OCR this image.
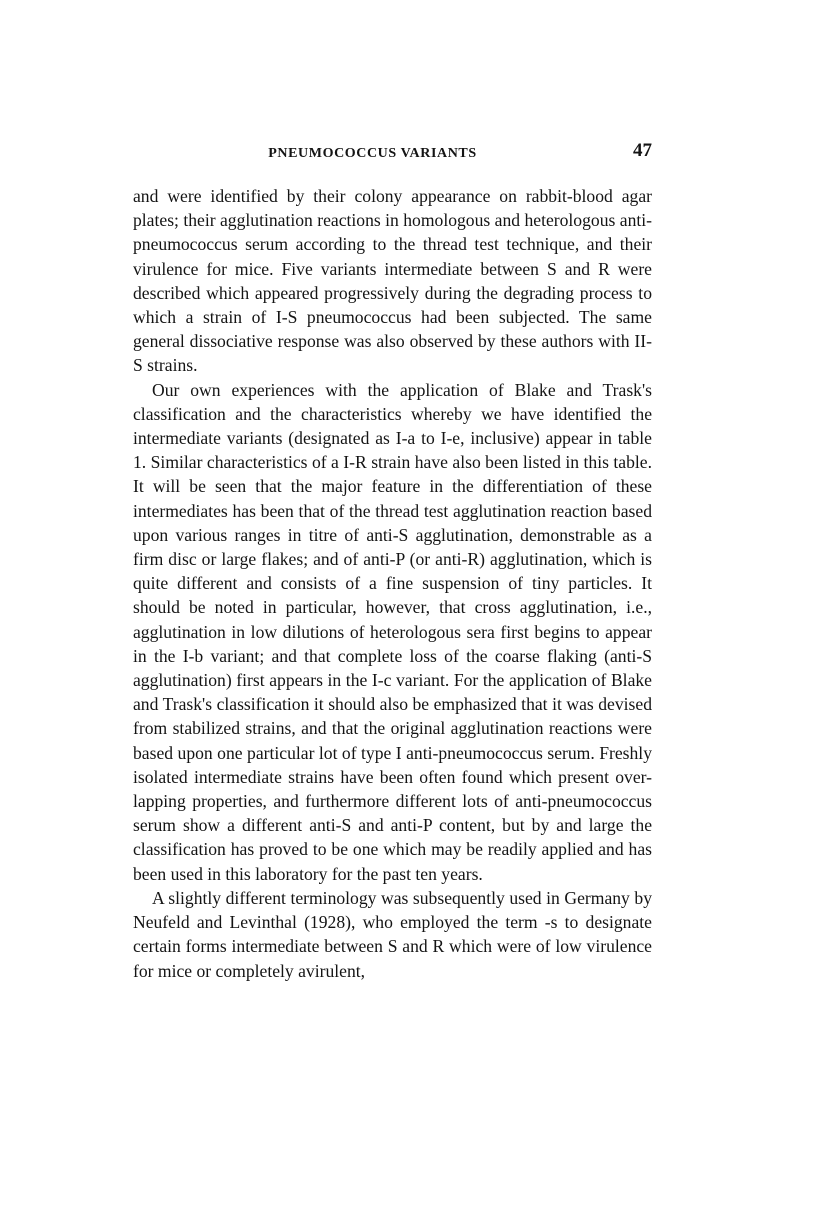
PNEUMOCOCCUS VARIANTS	47

and were identified by their colony appearance on rabbit-blood agar plates; their agglutination reactions in homologous and heterologous anti-pneumococcus serum according to the thread test technique, and their virulence for mice. Five variants intermediate between S and R were described which appeared progressively during the degrading process to which a strain of I-S pneumococcus had been subjected. The same general dissociative response was also observed by these authors with II-S strains.

Our own experiences with the application of Blake and Trask's classification and the characteristics whereby we have identified the intermediate variants (designated as I-a to I-e, inclusive) appear in table 1. Similar characteristics of a I-R strain have also been listed in this table. It will be seen that the major feature in the differentiation of these intermediates has been that of the thread test agglutination reaction based upon various ranges in titre of anti-S agglutination, demonstrable as a firm disc or large flakes; and of anti-P (or anti-R) agglutination, which is quite different and consists of a fine suspension of tiny particles. It should be noted in particular, however, that cross agglutination, i.e., agglutination in low dilutions of heterologous sera first begins to appear in the I-b variant; and that complete loss of the coarse flaking (anti-S agglutination) first appears in the I-c variant. For the application of Blake and Trask's classification it should also be emphasized that it was devised from stabilized strains, and that the original agglutination reactions were based upon one particular lot of type I anti-pneumococcus serum. Freshly isolated intermediate strains have been often found which present over-lapping properties, and furthermore different lots of anti-pneumococcus serum show a different anti-S and anti-P content, but by and large the classification has proved to be one which may be readily applied and has been used in this laboratory for the past ten years.

A slightly different terminology was subsequently used in Germany by Neufeld and Levinthal (1928), who employed the term -s to designate certain forms intermediate between S and R which were of low virulence for mice or completely avirulent,
